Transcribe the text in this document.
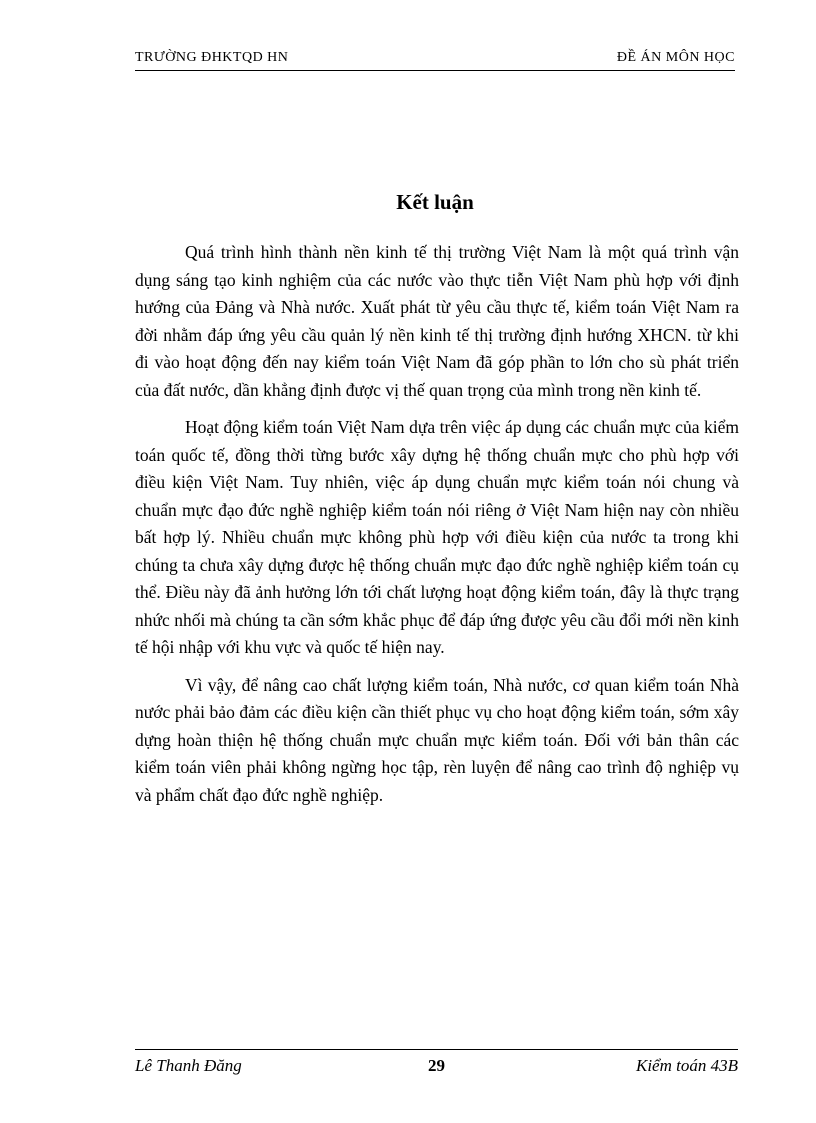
TRƯỜNG ĐHKTQD HN	ĐỀ ÁN MÔN HỌC
Kết luận

Quá trình hình thành nền kinh tế thị trường Việt Nam là một quá trình vận dụng sáng tạo kinh nghiệm của các nước vào thực tiễn Việt Nam phù hợp với định hướng của Đảng và Nhà nước. Xuất phát từ yêu cầu thực tế, kiểm toán Việt Nam ra đời nhằm đáp ứng yêu cầu quản lý nền kinh tế thị trường định hướng XHCN. từ khi đi vào hoạt động đến nay kiểm toán Việt Nam đã góp phần to lớn cho sù phát triển của đất nước, dần khẳng định được vị thế quan trọng của mình trong nền kinh tế.

Hoạt động kiểm toán Việt Nam dựa trên việc áp dụng các chuẩn mực của kiểm toán quốc tế, đồng thời từng bước xây dựng hệ thống chuẩn mực cho phù hợp với điều kiện Việt Nam. Tuy nhiên, việc áp dụng chuẩn mực kiểm toán nói chung và chuẩn mực đạo đức nghề nghiệp kiểm toán nói riêng ở Việt Nam hiện nay còn nhiều bất hợp lý. Nhiều chuẩn mực không phù hợp với điều kiện của nước ta trong khi chúng ta chưa xây dựng được hệ thống chuẩn mực đạo đức nghề nghiệp kiểm toán cụ thể. Điều này đã ảnh hưởng lớn tới chất lượng hoạt động kiểm toán, đây là thực trạng nhức nhối mà chúng ta cần sớm khắc phục để đáp ứng được yêu cầu đổi mới nền kinh tế hội nhập với khu vực và quốc tế hiện nay.

Vì vậy, để nâng cao chất lượng kiểm toán, Nhà nước, cơ quan kiểm toán Nhà nước phải bảo đảm các điều kiện cần thiết phục vụ cho hoạt động kiểm toán, sớm xây dựng hoàn thiện hệ thống chuẩn mực chuẩn mực kiểm toán. Đối với bản thân các kiểm toán viên phải không ngừng học tập, rèn luyện để nâng cao trình độ nghiệp vụ và phẩm chất đạo đức nghề nghiệp.

Lê Thanh Đăng	29	Kiểm toán 43B
